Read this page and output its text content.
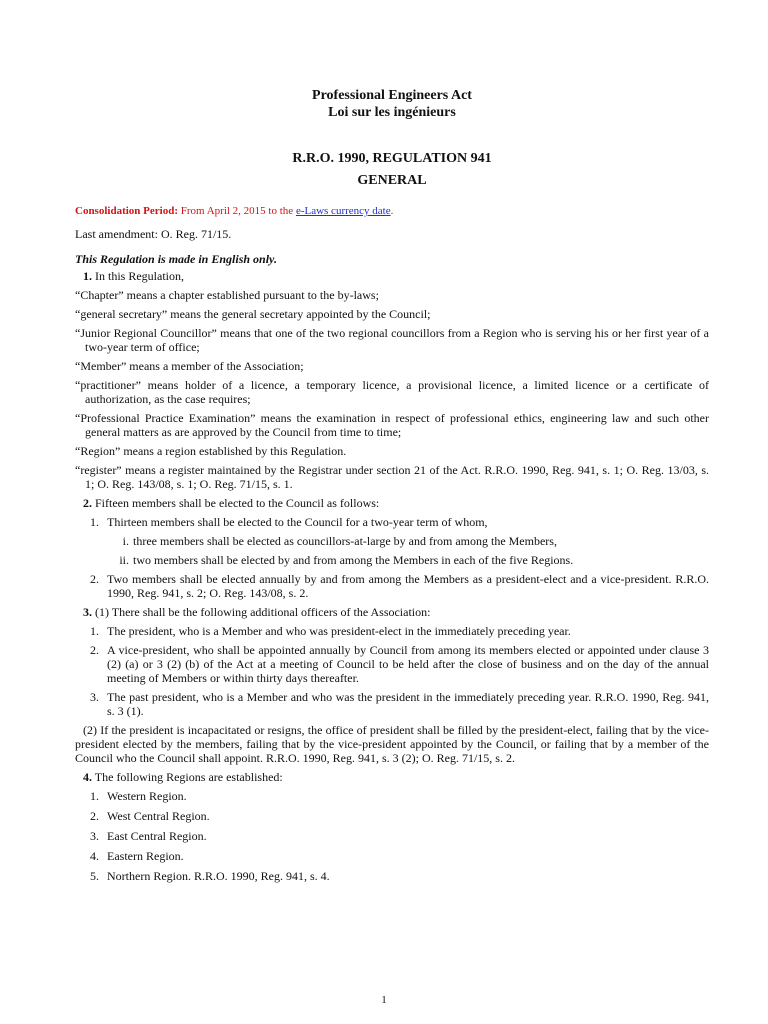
Professional Engineers Act
Loi sur les ingénieurs
R.R.O. 1990, REGULATION 941
GENERAL
Consolidation Period: From April 2, 2015 to the e-Laws currency date.

Last amendment: O. Reg. 71/15.

This Regulation is made in English only.

1. In this Regulation,

“Chapter” means a chapter established pursuant to the by-laws;

“general secretary” means the general secretary appointed by the Council;

“Junior Regional Councillor” means that one of the two regional councillors from a Region who is serving his or her first year of a two-year term of office;

“Member” means a member of the Association;

“practitioner” means holder of a licence, a temporary licence, a provisional licence, a limited licence or a certificate of authorization, as the case requires;

“Professional Practice Examination” means the examination in respect of professional ethics, engineering law and such other general matters as are approved by the Council from time to time;

“Region” means a region established by this Regulation.

“register” means a register maintained by the Registrar under section 21 of the Act. R.R.O. 1990, Reg. 941, s. 1; O. Reg. 13/03, s. 1; O. Reg. 143/08, s. 1; O. Reg. 71/15, s. 1.

2. Fifteen members shall be elected to the Council as follows:

1. Thirteen members shall be elected to the Council for a two-year term of whom,
i. three members shall be elected as councillors-at-large by and from among the Members,
ii. two members shall be elected by and from among the Members in each of the five Regions.
2. Two members shall be elected annually by and from among the Members as a president-elect and a vice-president. R.R.O. 1990, Reg. 941, s. 2; O. Reg. 143/08, s. 2.

3. (1) There shall be the following additional officers of the Association:

1. The president, who is a Member and who was president-elect in the immediately preceding year.
2. A vice-president, who shall be appointed annually by Council from among its members elected or appointed under clause 3 (2) (a) or 3 (2) (b) of the Act at a meeting of Council to be held after the close of business and on the day of the annual meeting of Members or within thirty days thereafter.
3. The past president, who is a Member and who was the president in the immediately preceding year. R.R.O. 1990, Reg. 941, s. 3 (1).

(2) If the president is incapacitated or resigns, the office of president shall be filled by the president-elect, failing that by the vice-president elected by the members, failing that by the vice-president appointed by the Council, or failing that by a member of the Council who the Council shall appoint. R.R.O. 1990, Reg. 941, s. 3 (2); O. Reg. 71/15, s. 2.

4. The following Regions are established:

1. Western Region.
2. West Central Region.
3. East Central Region.
4. Eastern Region.
5. Northern Region. R.R.O. 1990, Reg. 941, s. 4.
1
